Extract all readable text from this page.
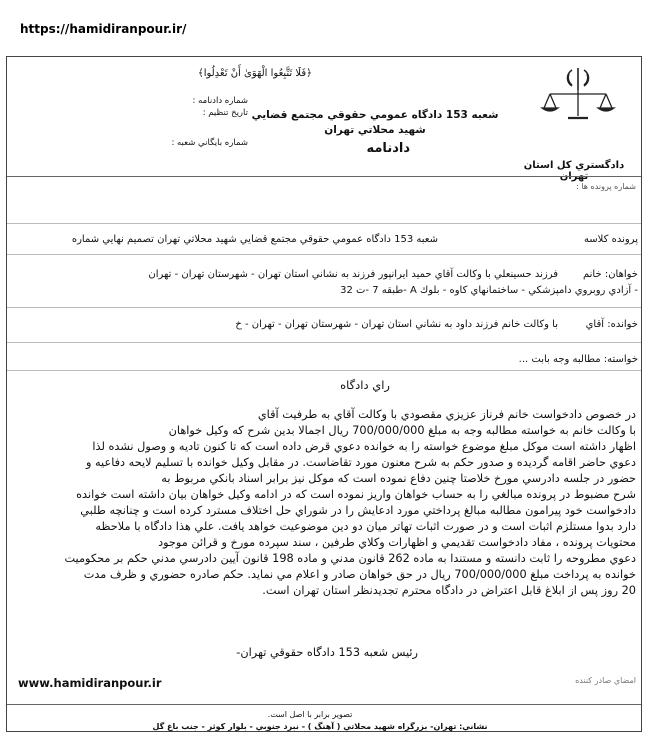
https://hamidiranpour.ir/
﴿فَلَا تَتَّبِعُوا الْهَوَىٰ أَنْ تَعْدِلُوا﴾
شعبه 153 دادگاه عمومي حقوقي مجتمع قضايي شهيد محلاتي تهران
دادنامه
شماره دادنامه :
تاريخ تنظيم :
شماره بايگاني شعبه :
دادگستري كل استان
شماره پرونده ها :
پرونده كلاسه
شعبه 153 دادگاه عمومي حقوقي مجتمع قضايي شهيد محلاتي تهران تصميم نهايي شماره
خواهان: خانم
فرزند حسينعلي با وكالت آقاي حميد ايرانپور فرزند به نشاني استان تهران - شهرستان تهران - تهران
- آزادي روبروي دامپزشكي - ساختمانهاي كاوه - بلوك A -طبقه 7 -ت 32
خوانده: آقاي
با وكالت خانم فرزند داود به نشاني استان تهران - شهرستان تهران - تهران - خ
خواسته: مطالبه وجه بابت ...
راي دادگاه

در خصوص دادخواست خانم فرناز عزيزي مقصودي با وكالت آقاي به طرفيت آقاي

با وكالت خانم به خواسته مطالبه وجه به مبلغ 700/000/000 ريال اجمالا بدين شرح كه وكيل خواهان

اظهار داشته است موكل مبلغ موضوع خواسته را به خوانده دعوي قرض داده است كه تا كنون تاديه و وصول نشده لذا

دعوي حاضر اقامه گرديده و صدور حكم به شرح معنون مورد تقاضاست. در مقابل وكيل خوانده با تسليم لايحه دفاعيه و

حضور در جلسه دادرسي مورخ خلاصتا چنين دفاع نموده است كه موكل نيز برابر اسناد بانكي مربوط به

شرح مضبوط در پرونده مبالغي را به حساب خواهان واريز نموده است كه در ادامه وكيل خواهان بيان داشته است خوانده

دادخواست خود پيرامون مطالبه مبالغ پرداختي مورد ادعايش را در شوراي حل اختلاف مسترد كرده است و چنانچه طلبي

دارد بدوا مستلزم اثبات است و در صورت اثبات تهاتر ميان دو دين موضوعيت خواهد يافت. علي هذا دادگاه با ملاحظه

محتويات پرونده ، مفاد دادخواست تقديمي و اظهارات وكلاي طرفين ، سند سپرده مورخ و قرائن موجود

دعوي مطروحه را ثابت دانسته و مستندا به ماده 262 قانون مدني و ماده 198 قانون آيين دادرسي مدني حكم بر محكوميت

خوانده به پرداخت مبلغ 700/000/000 ريال در حق خواهان صادر و اعلام مي نمايد. حكم صادره حضوري و ظرف مدت

20 روز پس از ابلاغ قابل اعتراض در دادگاه محترم تجديدنظر استان تهران است.

رئيس شعبه 153 دادگاه حقوقي تهران-
امضاي صادر كننده
www.hamidiranpour.ir
تصوير برابر با اصل است.
نشاني: تهران- بزرگراه شهيد محلاتي ( آهنگ ) - نبرد جنوبي - بلوار كوثر - جنب باغ گل
